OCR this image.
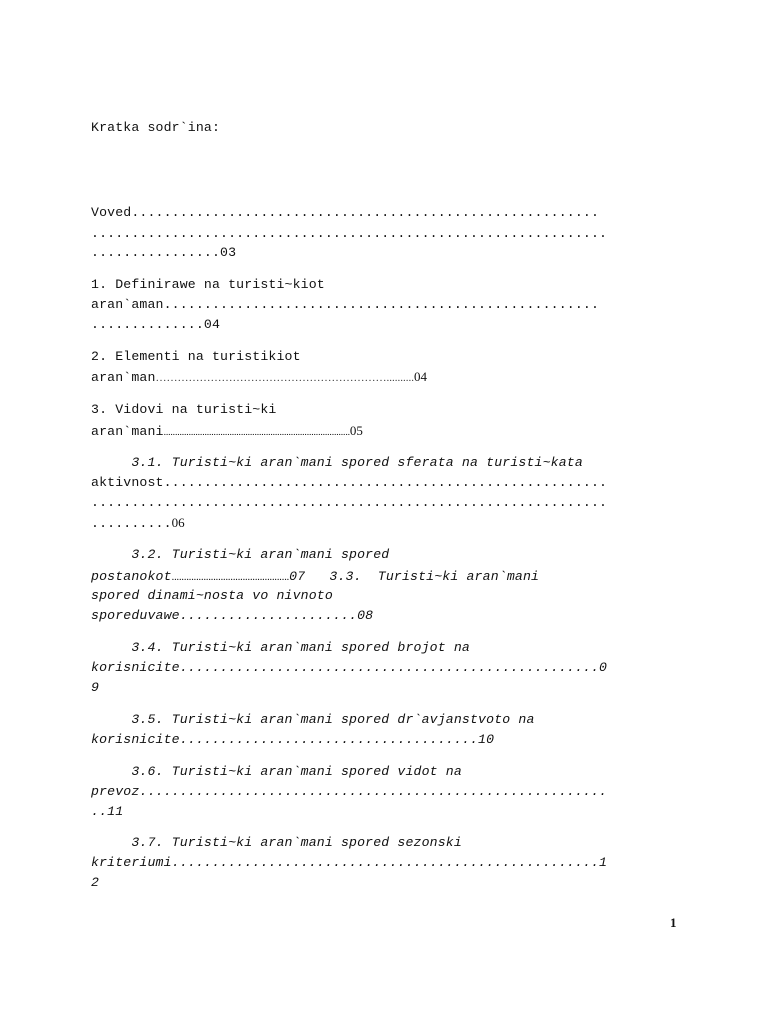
Kratka sodr`ina:
Voved..........................................................
................................................................
................03
1. Definirawe na turisti~kiot
aran`aman......................................................
..............04
2. Elementi na turistikiot
aran`man………………………………………………………..........04
3. Vidovi na turisti~ki
aran`mani..................................................................................05
3.1. Turisti~ki aran`mani spored sferata na turisti~kata
aktivnost.......................................................
................................................................
..........06
3.2. Turisti~ki aran`mani spored
postanokot................................................07   3.3.  Turisti~ki aran`mani
spored dinami~nosta vo nivnoto
sporeduvawe......................08
3.4. Turisti~ki aran`mani spored brojot na
korisnicite....................................................0
9
3.5. Turisti~ki aran`mani spored dr`avjanstvoto na
korisnicite.....................................10
3.6. Turisti~ki aran`mani spored vidot na
prevoz..........................................................
..11
3.7. Turisti~ki aran`mani spored sezonski
kriteriumi.....................................................1
2
1
